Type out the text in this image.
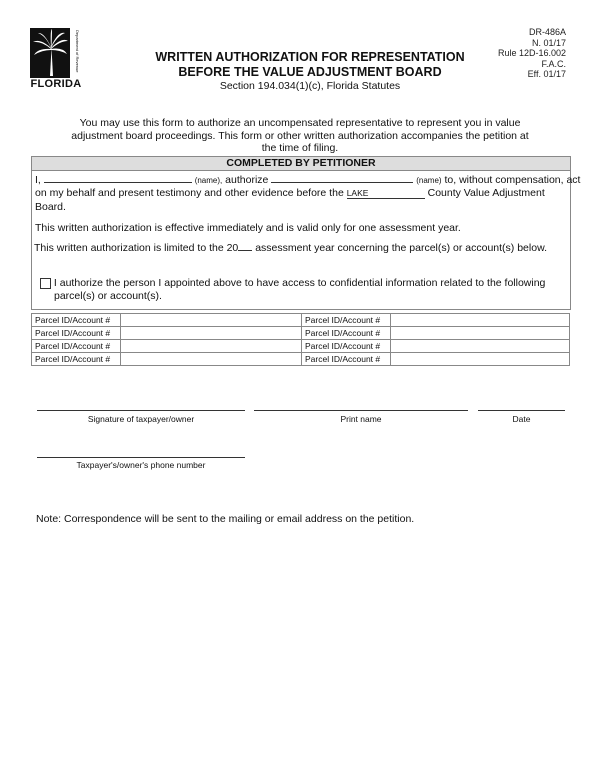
Department of Revenue
FLORIDA
DR-486A
N. 01/17
Rule 12D-16.002
F.A.C.
Eff. 01/17
WRITTEN AUTHORIZATION FOR REPRESENTATION
BEFORE THE VALUE ADJUSTMENT BOARD
Section 194.034(1)(c), Florida Statutes
You may use this form to authorize an uncompensated representative to represent you in value
adjustment board proceedings. This form or other written authorization accompanies the petition at
the time of filing.
COMPLETED BY PETITIONER
I,	(name), authorize	(name) to, without compensation, act
on my behalf and present testimony and other evidence before the LAKE	County Value Adjustment
Board.
This written authorization is effective immediately and is valid only for one assessment year.
This written authorization is limited to the 20 assessment year concerning the parcel(s) or account(s) below.
I authorize the person I appointed above to have access to confidential information related to the following
parcel(s) or account(s).
Parcel ID/Account #		Parcel ID/Account #	
Parcel ID/Account #		Parcel ID/Account #	
Parcel ID/Account #		Parcel ID/Account #	
Parcel ID/Account #		Parcel ID/Account #	
Signature of taxpayer/owner	Print name	Date
Taxpayer's/owner's phone number
Note: Correspondence will be sent to the mailing or email address on the petition.
